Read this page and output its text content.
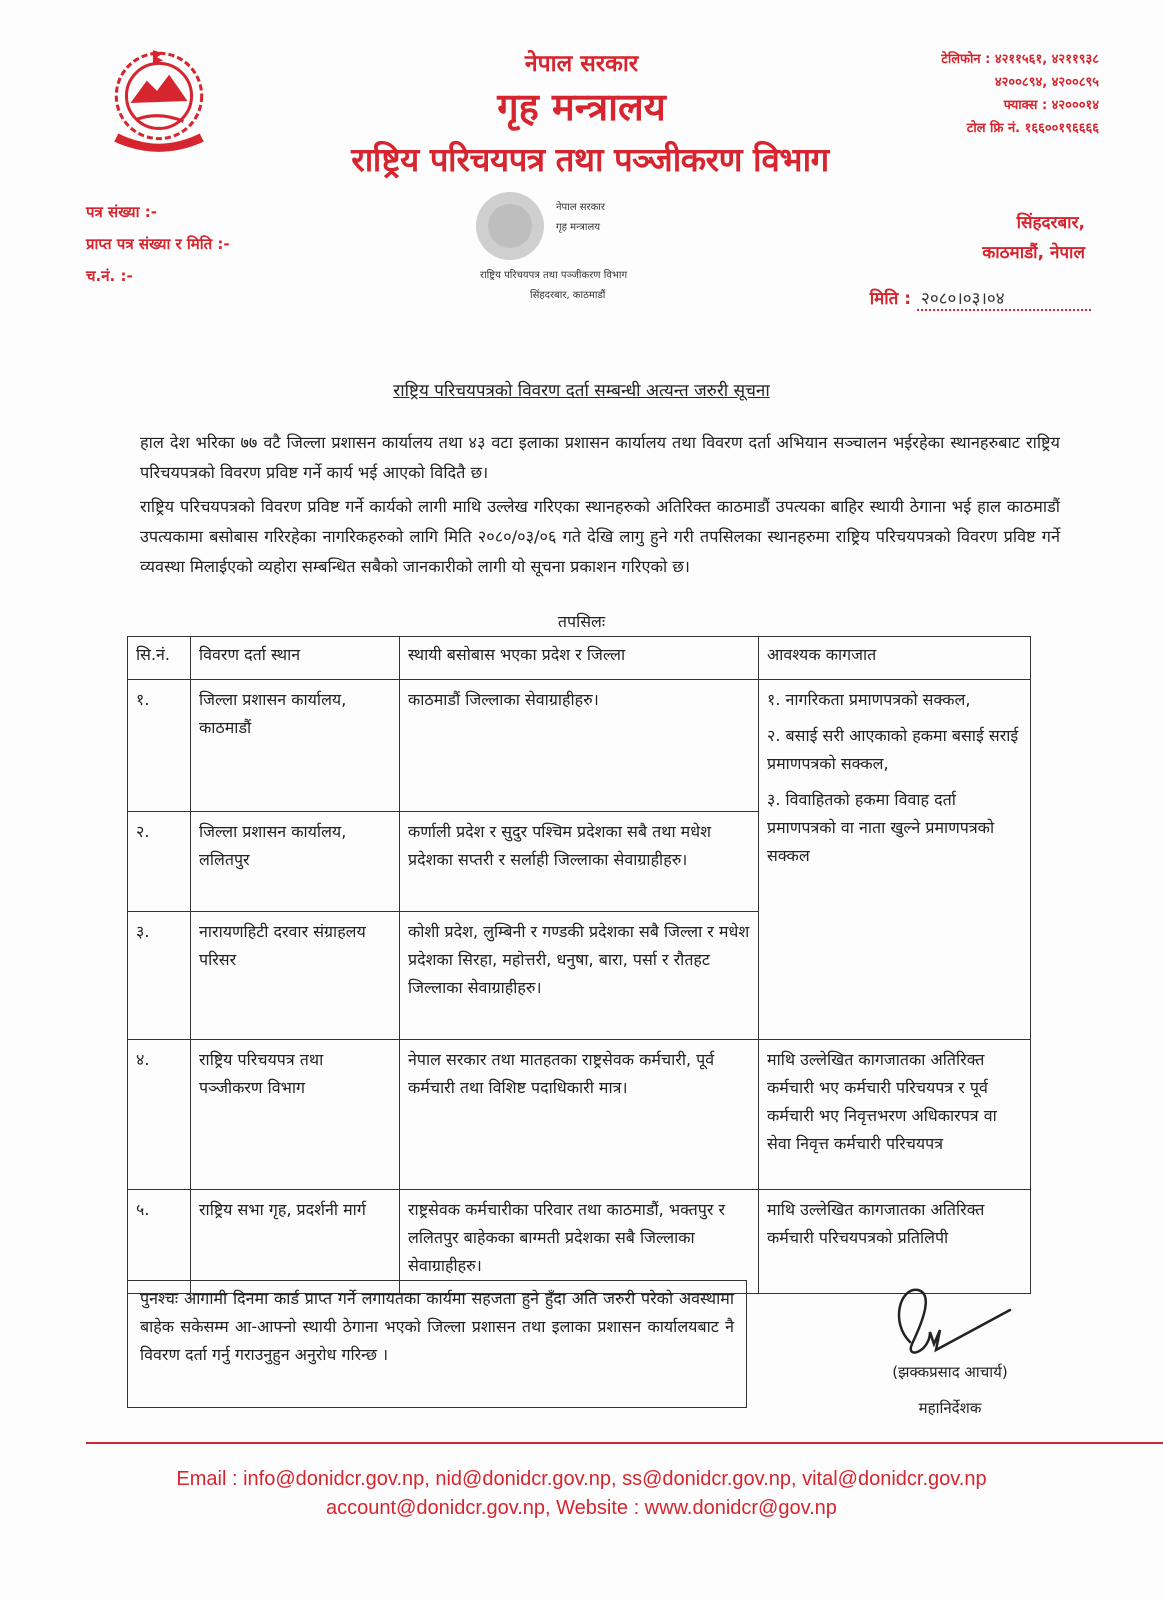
नेपाल सरकार
गृह मन्त्रालय
राष्ट्रिय परिचयपत्र तथा पञ्जीकरण विभाग
टेलिफोन : ४२११५६१, ४२११९३८
४२००८९४, ४२००८९५
फ्याक्स : ४२०००१४
टोल फ्रि नं. १६६००१९६६६६
नेपाल सरकार
गृह मन्त्रालय
राष्ट्रिय परिचयपत्र तथा पञ्जीकरण विभाग
सिंहदरबार, काठमाडौं
पत्र संख्या :-
प्राप्त पत्र संख्या र मिति :-
च.नं. :-
सिंहदरबार,
काठमाडौं, नेपाल
मिति : २०८०।०३।०४
राष्ट्रिय परिचयपत्रको विवरण दर्ता सम्बन्धी अत्यन्त जरुरी सूचना
हाल देश भरिका ७७ वटै जिल्ला प्रशासन कार्यालय तथा ४३ वटा इलाका प्रशासन कार्यालय तथा विवरण दर्ता अभियान सञ्चालन भईरहेका स्थानहरुबाट राष्ट्रिय परिचयपत्रको विवरण प्रविष्ट गर्ने कार्य भई आएको विदितै छ।
राष्ट्रिय परिचयपत्रको विवरण प्रविष्ट गर्ने कार्यको लागी माथि उल्लेख गरिएका स्थानहरुको अतिरिक्त काठमाडौं उपत्यका बाहिर स्थायी ठेगाना भई हाल काठमाडौं उपत्यकामा बसोबास गरिरहेका नागरिकहरुको लागि मिति २०८०/०३/०६ गते देखि लागु हुने गरी तपसिलका स्थानहरुमा राष्ट्रिय परिचयपत्रको विवरण प्रविष्ट गर्ने व्यवस्था मिलाईएको व्यहोरा सम्बन्धित सबैको जानकारीको लागी यो सूचना प्रकाशन गरिएको छ।
तपसिलः
सि.नं.	विवरण दर्ता स्थान	स्थायी बसोबास भएका प्रदेश र जिल्ला	आवश्यक कागजात
१.	जिल्ला प्रशासन कार्यालय, काठमाडौं	काठमाडौं जिल्लाका सेवाग्राहीहरु।	१. नागरिकता प्रमाणपत्रको सक्कल,
२. बसाई सरी आएकाको हकमा बसाई सराई प्रमाणपत्रको सक्कल,
३. विवाहितको हकमा विवाह दर्ता प्रमाणपत्रको वा नाता खुल्ने प्रमाणपत्रको सक्कल

२.	जिल्ला प्रशासन कार्यालय, ललितपुर	कर्णाली प्रदेश र सुदुर पश्चिम प्रदेशका सबै तथा मधेश प्रदेशका सप्तरी र सर्लाही जिल्लाका सेवाग्राहीहरु।	
३.	नारायणहिटी दरवार संग्राहलय परिसर	कोशी प्रदेश, लुम्बिनी र गण्डकी प्रदेशका सबै जिल्ला र मधेश प्रदेशका सिरहा, महोत्तरी, धनुषा, बारा, पर्सा र रौतहट जिल्लाका सेवाग्राहीहरु।	
४.	राष्ट्रिय परिचयपत्र तथा पञ्जीकरण विभाग	नेपाल सरकार तथा मातहतका राष्ट्रसेवक कर्मचारी, पूर्व कर्मचारी तथा विशिष्ट पदाधिकारी मात्र।	माथि उल्लेखित कागजातका अतिरिक्त कर्मचारी भए कर्मचारी परिचयपत्र र पूर्व कर्मचारी भए निवृत्तभरण अधिकारपत्र वा सेवा निवृत्त कर्मचारी परिचयपत्र
५.	राष्ट्रिय सभा गृह, प्रदर्शनी मार्ग	राष्ट्रसेवक कर्मचारीका परिवार तथा काठमाडौं, भक्तपुर र ललितपुर बाहेकका बाग्मती प्रदेशका सबै जिल्लाका सेवाग्राहीहरु।	माथि उल्लेखित कागजातका अतिरिक्त कर्मचारी परिचयपत्रको प्रतिलिपी
पुनश्चः आगामी दिनमा कार्ड प्राप्त गर्ने लगायतका कार्यमा सहजता हुने हुँदा अति जरुरी परेको अवस्थामा बाहेक सकेसम्म आ-आफ्नो स्थायी ठेगाना भएको जिल्ला प्रशासन तथा इलाका प्रशासन कार्यालयबाट नै विवरण दर्ता गर्नु गराउनुहुन अनुरोध गरिन्छ ।
(झक्कप्रसाद आचार्य)
महानिर्देशक
Email : info@donidcr.gov.np, nid@donidcr.gov.np, ss@donidcr.gov.np, vital@donidcr.gov.np
account@donidcr.gov.np, Website : www.donidcr@gov.np
